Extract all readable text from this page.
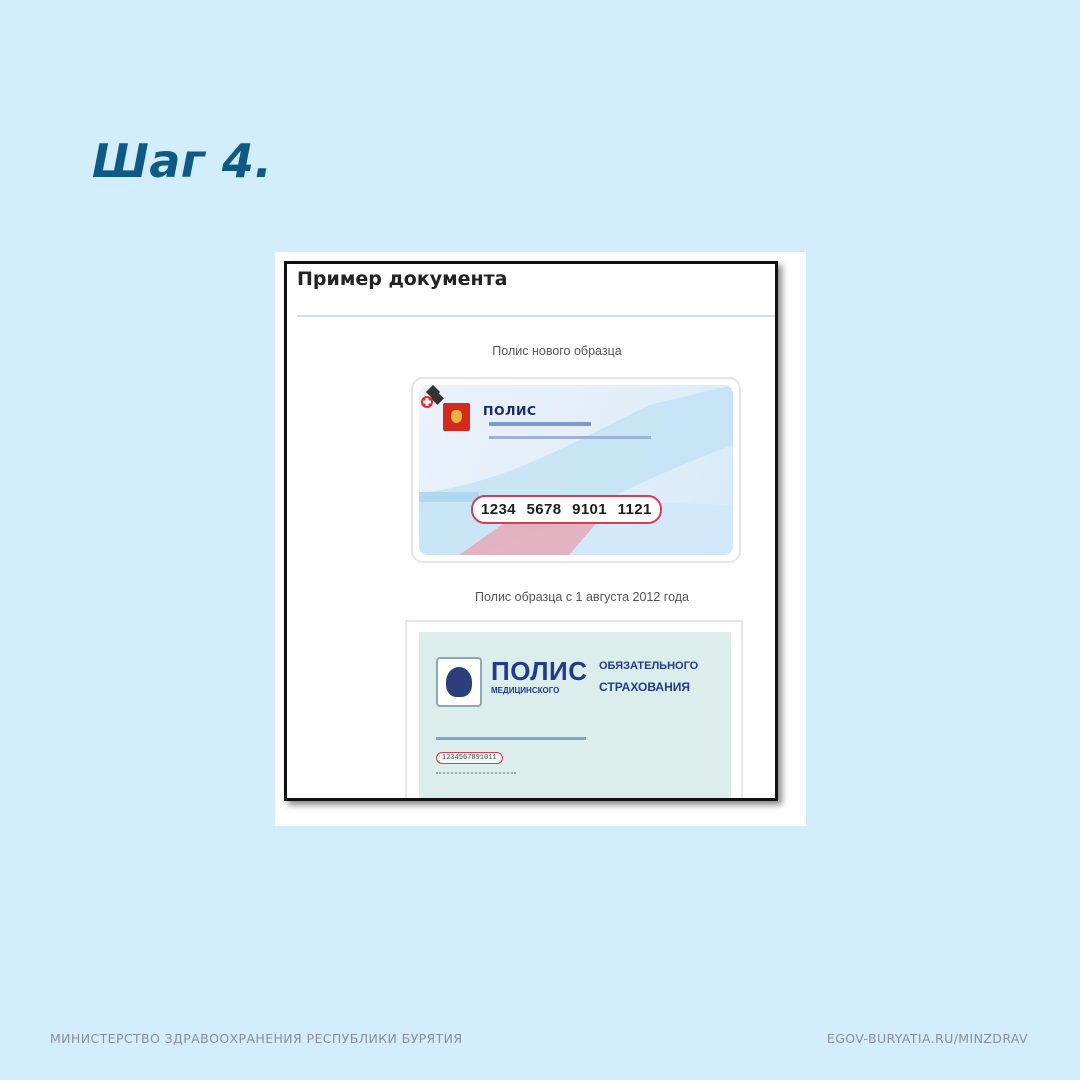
Шаг 4.
Пример документа
Полис нового образца
ПОЛИС
1234 5678 9101 1121
Полис образца с 1 августа 2012 года
ПОЛИС ОБЯЗАТЕЛЬНОГО
МЕДИЦИНСКОГО	СТРАХОВАНИЯ
1234567891011

МИНИСТЕРСТВО ЗДРАВООХРАНЕНИЯ РЕСПУБЛИКИ БУРЯТИЯ	EGOV-BURYATIA.RU/MINZDRAV
